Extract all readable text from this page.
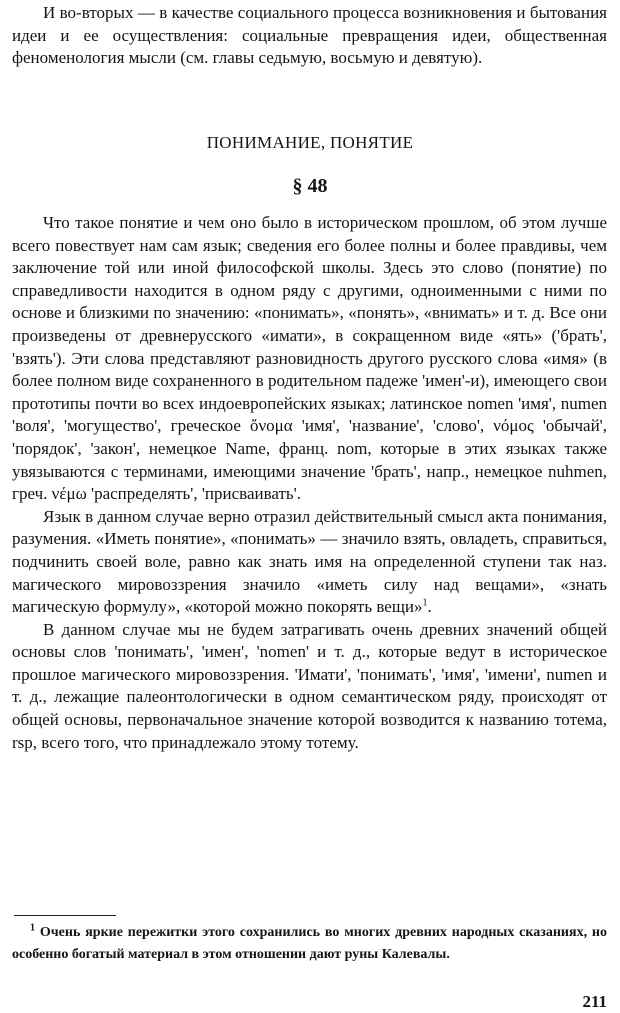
И во-вторых — в качестве социального процесса возникновения и бытования идеи и ее осуществления: социальные превращения идеи, общественная феноменология мысли (см. главы седьмую, восьмую и девятую).

ПОНИМАНИЕ, ПОНЯТИЕ
§ 48

Что такое понятие и чем оно было в историческом прошлом, об этом лучше всего повествует нам сам язык; сведения его более полны и более правдивы, чем заключение той или иной философской школы. Здесь это слово (понятие) по справедливости находится в одном ряду с другими, одноименными с ними по основе и близкими по значению: «понимать», «понять», «внимать» и т. д. Все они произведены от древнерусского «имати», в сокращенном виде «ять» ('брать', 'взять'). Эти слова представляют разновидность другого русского слова «имя» (в более полном виде сохраненного в родительном падеже 'имен'-и), имеющего свои прототипы почти во всех индоевропейских языках; латинское nomen 'имя', numen 'воля', 'могущество', греческое ὄνομα 'имя', 'название', 'слово', νόμος 'обычай', 'порядок', 'закон', немецкое Name, франц. nom, которые в этих языках также увязываются с терминами, имеющими значение 'брать', напр., немецкое nuhmen, греч. νέμω 'распределять', 'присваивать'.

Язык в данном случае верно отразил действительный смысл акта понимания, разумения. «Иметь понятие», «понимать» — значило взять, овладеть, справиться, подчинить своей воле, равно как знать имя на определенной ступени так наз. магического мировоззрения значило «иметь силу над вещами», «знать магическую формулу», «которой можно покорять вещи»$^1$.

В данном случае мы не будем затрагивать очень древних значений общей основы слов 'понимать', 'имен', 'nomen' и т. д., которые ведут в историческое прошлое магического мировоззрения. 'Имати', 'понимать', 'имя', 'имени', numen и т. д., лежащие палеонтологически в одном семантическом ряду, происходят от общей основы, первоначальное значение которой возводится к названию тотема, rsp, всего того, что принадлежало этому тотему.

$^1$ Очень яркие пережитки этого сохранились во многих древних народных сказаниях, но особенно богатый материал в этом отношении дают руны Калевалы.

211
